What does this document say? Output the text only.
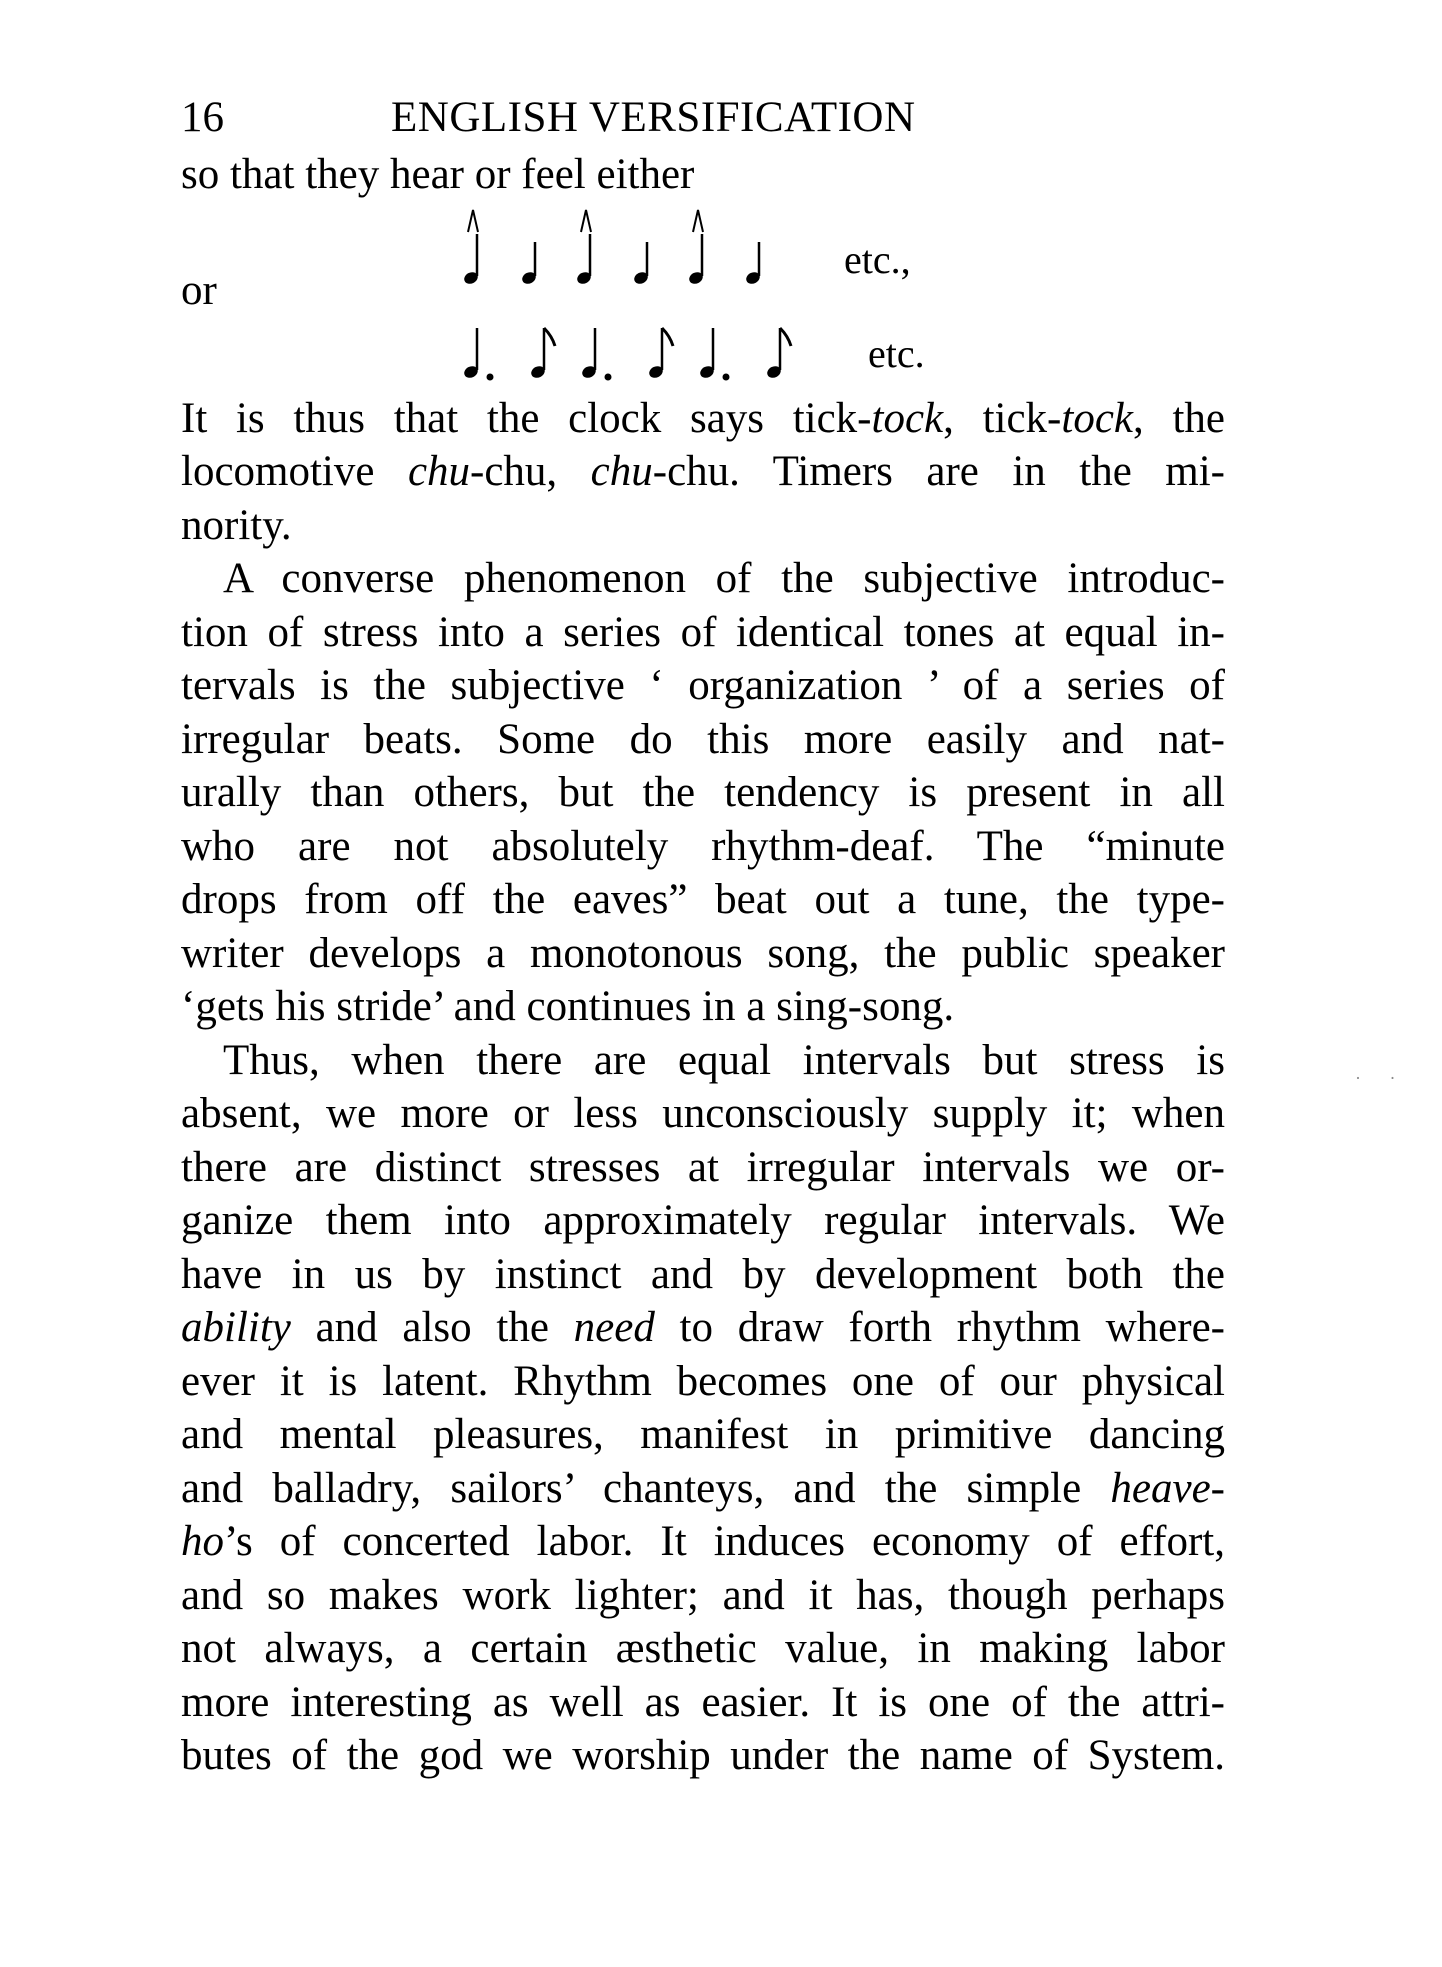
16	ENGLISH VERSIFICATION
so that they hear or feel either
etc.,
or
etc.
It is thus that the clock says tick-tock, tick-tock, the
locomotive chu-chu, chu-chu. Timers are in the mi-
nority.
A converse phenomenon of the subjective introduc-
tion of stress into a series of identical tones at equal in-
tervals is the subjective ‘ organization ’ of a series of
irregular beats. Some do this more easily and nat-
urally than others, but the tendency is present in all
who are not absolutely rhythm-deaf. The “minute
drops from off the eaves” beat out a tune, the type-
writer develops a monotonous song, the public speaker
‘gets his stride’ and continues in a sing-song.
Thus, when there are equal intervals but stress is
absent, we more or less unconsciously supply it; when
there are distinct stresses at irregular intervals we or-
ganize them into approximately regular intervals. We
have in us by instinct and by development both the
ability and also the need to draw forth rhythm where-
ever it is latent. Rhythm becomes one of our physical
and mental pleasures, manifest in primitive dancing
and balladry, sailors’ chanteys, and the simple heave-
ho’s of concerted labor. It induces economy of effort,
and so makes work lighter; and it has, though perhaps
not always, a certain æsthetic value, in making labor
more interesting as well as easier. It is one of the attri-
butes of the god we worship under the name of System.
· ·
